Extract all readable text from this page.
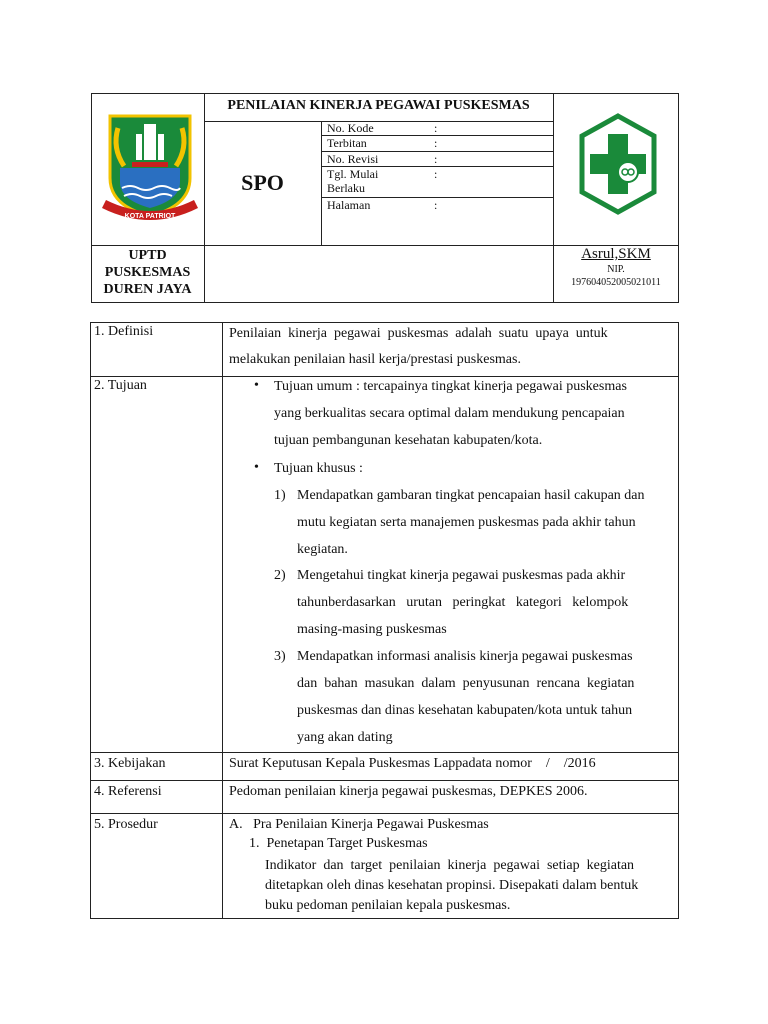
PENILAIAN KINERJA PEGAWAI PUSKESMAS
SPO
No. Kode	:
Terbitan	:
No. Revisi	:
Tgl. Mulai	:
Berlaku
Halaman	:
KOTA PATRIOT
UPTD
PUSKESMAS
DUREN JAYA
Asrul,SKM
NIP.
197604052005021011
1. Definisi	Penilaian  kinerja  pegawai  puskesmas  adalah  suatu  upaya  untuk
melakukan penilaian hasil kerja/prestasi puskesmas.
2. Tujuan	• Tujuan umum : tercapainya tingkat kinerja pegawai puskesmas
yang berkualitas secara optimal dalam mendukung pencapaian
tujuan pembangunan kesehatan kabupaten/kota.
• Tujuan khusus :
1) Mendapatkan gambaran tingkat pencapaian hasil cakupan dan
mutu kegiatan serta manajemen puskesmas pada akhir tahun
kegiatan.
2) Mengetahui tingkat kinerja pegawai puskesmas pada akhir
tahunberdasarkan   urutan   peringkat   kategori   kelompok
masing-masing puskesmas
3) Mendapatkan informasi analisis kinerja pegawai puskesmas
dan  bahan  masukan  dalam  penyusunan  rencana  kegiatan
puskesmas dan dinas kesehatan kabupaten/kota untuk tahun
yang akan dating
3. Kebijakan	Surat Keputusan Kepala Puskesmas Lappadata nomor    /    /2016
4. Referensi	Pedoman penilaian kinerja pegawai puskesmas, DEPKES 2006.
5. Prosedur	A.   Pra Penilaian Kinerja Pegawai Puskesmas
1.  Penetapan Target Puskesmas
Indikator  dan  target  penilaian  kinerja  pegawai  setiap  kegiatan
ditetapkan oleh dinas kesehatan propinsi. Disepakati dalam bentuk
buku pedoman penilaian kepala puskesmas.
